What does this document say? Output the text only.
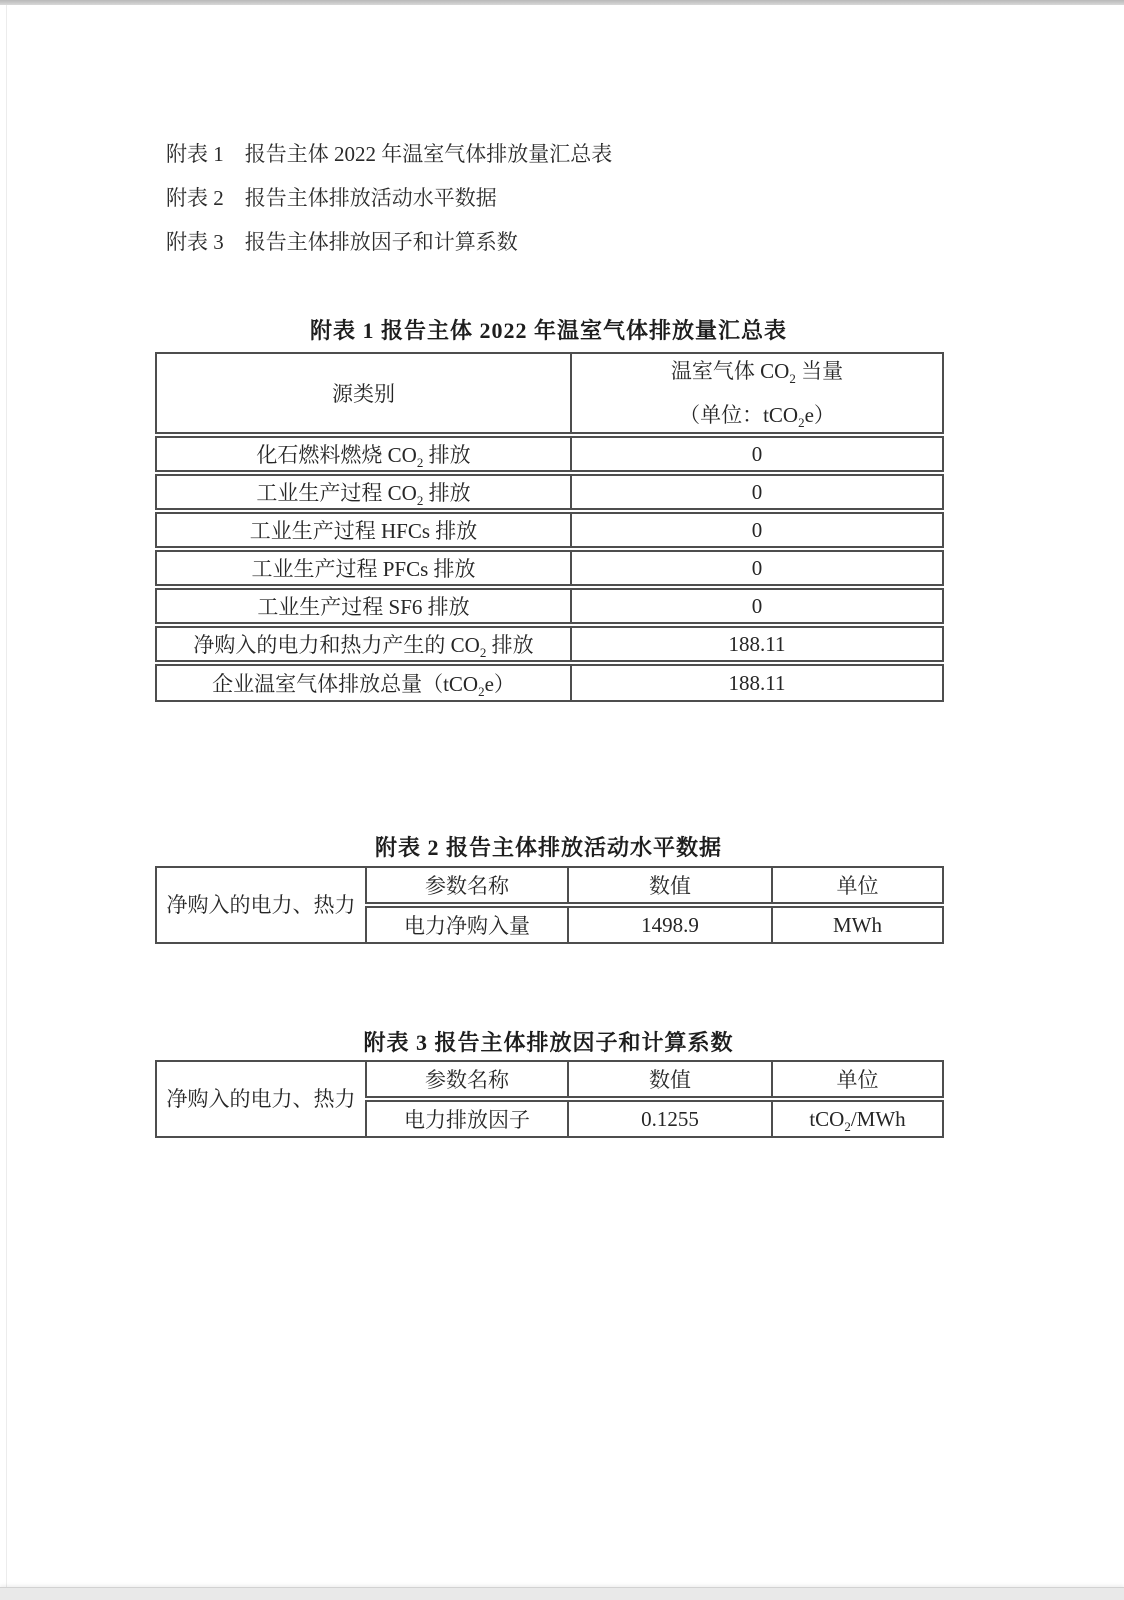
附表 1　报告主体 2022 年温室气体排放量汇总表
附表 2　报告主体排放活动水平数据
附表 3　报告主体排放因子和计算系数
附表 1 报告主体 2022 年温室气体排放量汇总表
源类别	温室气体 $CO_2$ 当量
（单位：tCO$_2$e）

化石燃料燃烧 $CO_2$ 排放	0
工业生产过程 $CO_2$ 排放	0
工业生产过程 HFCs 排放	0
工业生产过程 PFCs 排放	0
工业生产过程 SF6 排放	0
净购入的电力和热力产生的 $CO_2$ 排放	188.11
企业温室气体排放总量（tCO$_2$e）	188.11
附表 2 报告主体排放活动水平数据
净购入的电力、热力	参数名称	数值	单位
	电力净购入量	1498.9	MWh
附表 3 报告主体排放因子和计算系数
净购入的电力、热力	参数名称	数值	单位
	电力排放因子	0.1255	tCO$_2$/MWh
